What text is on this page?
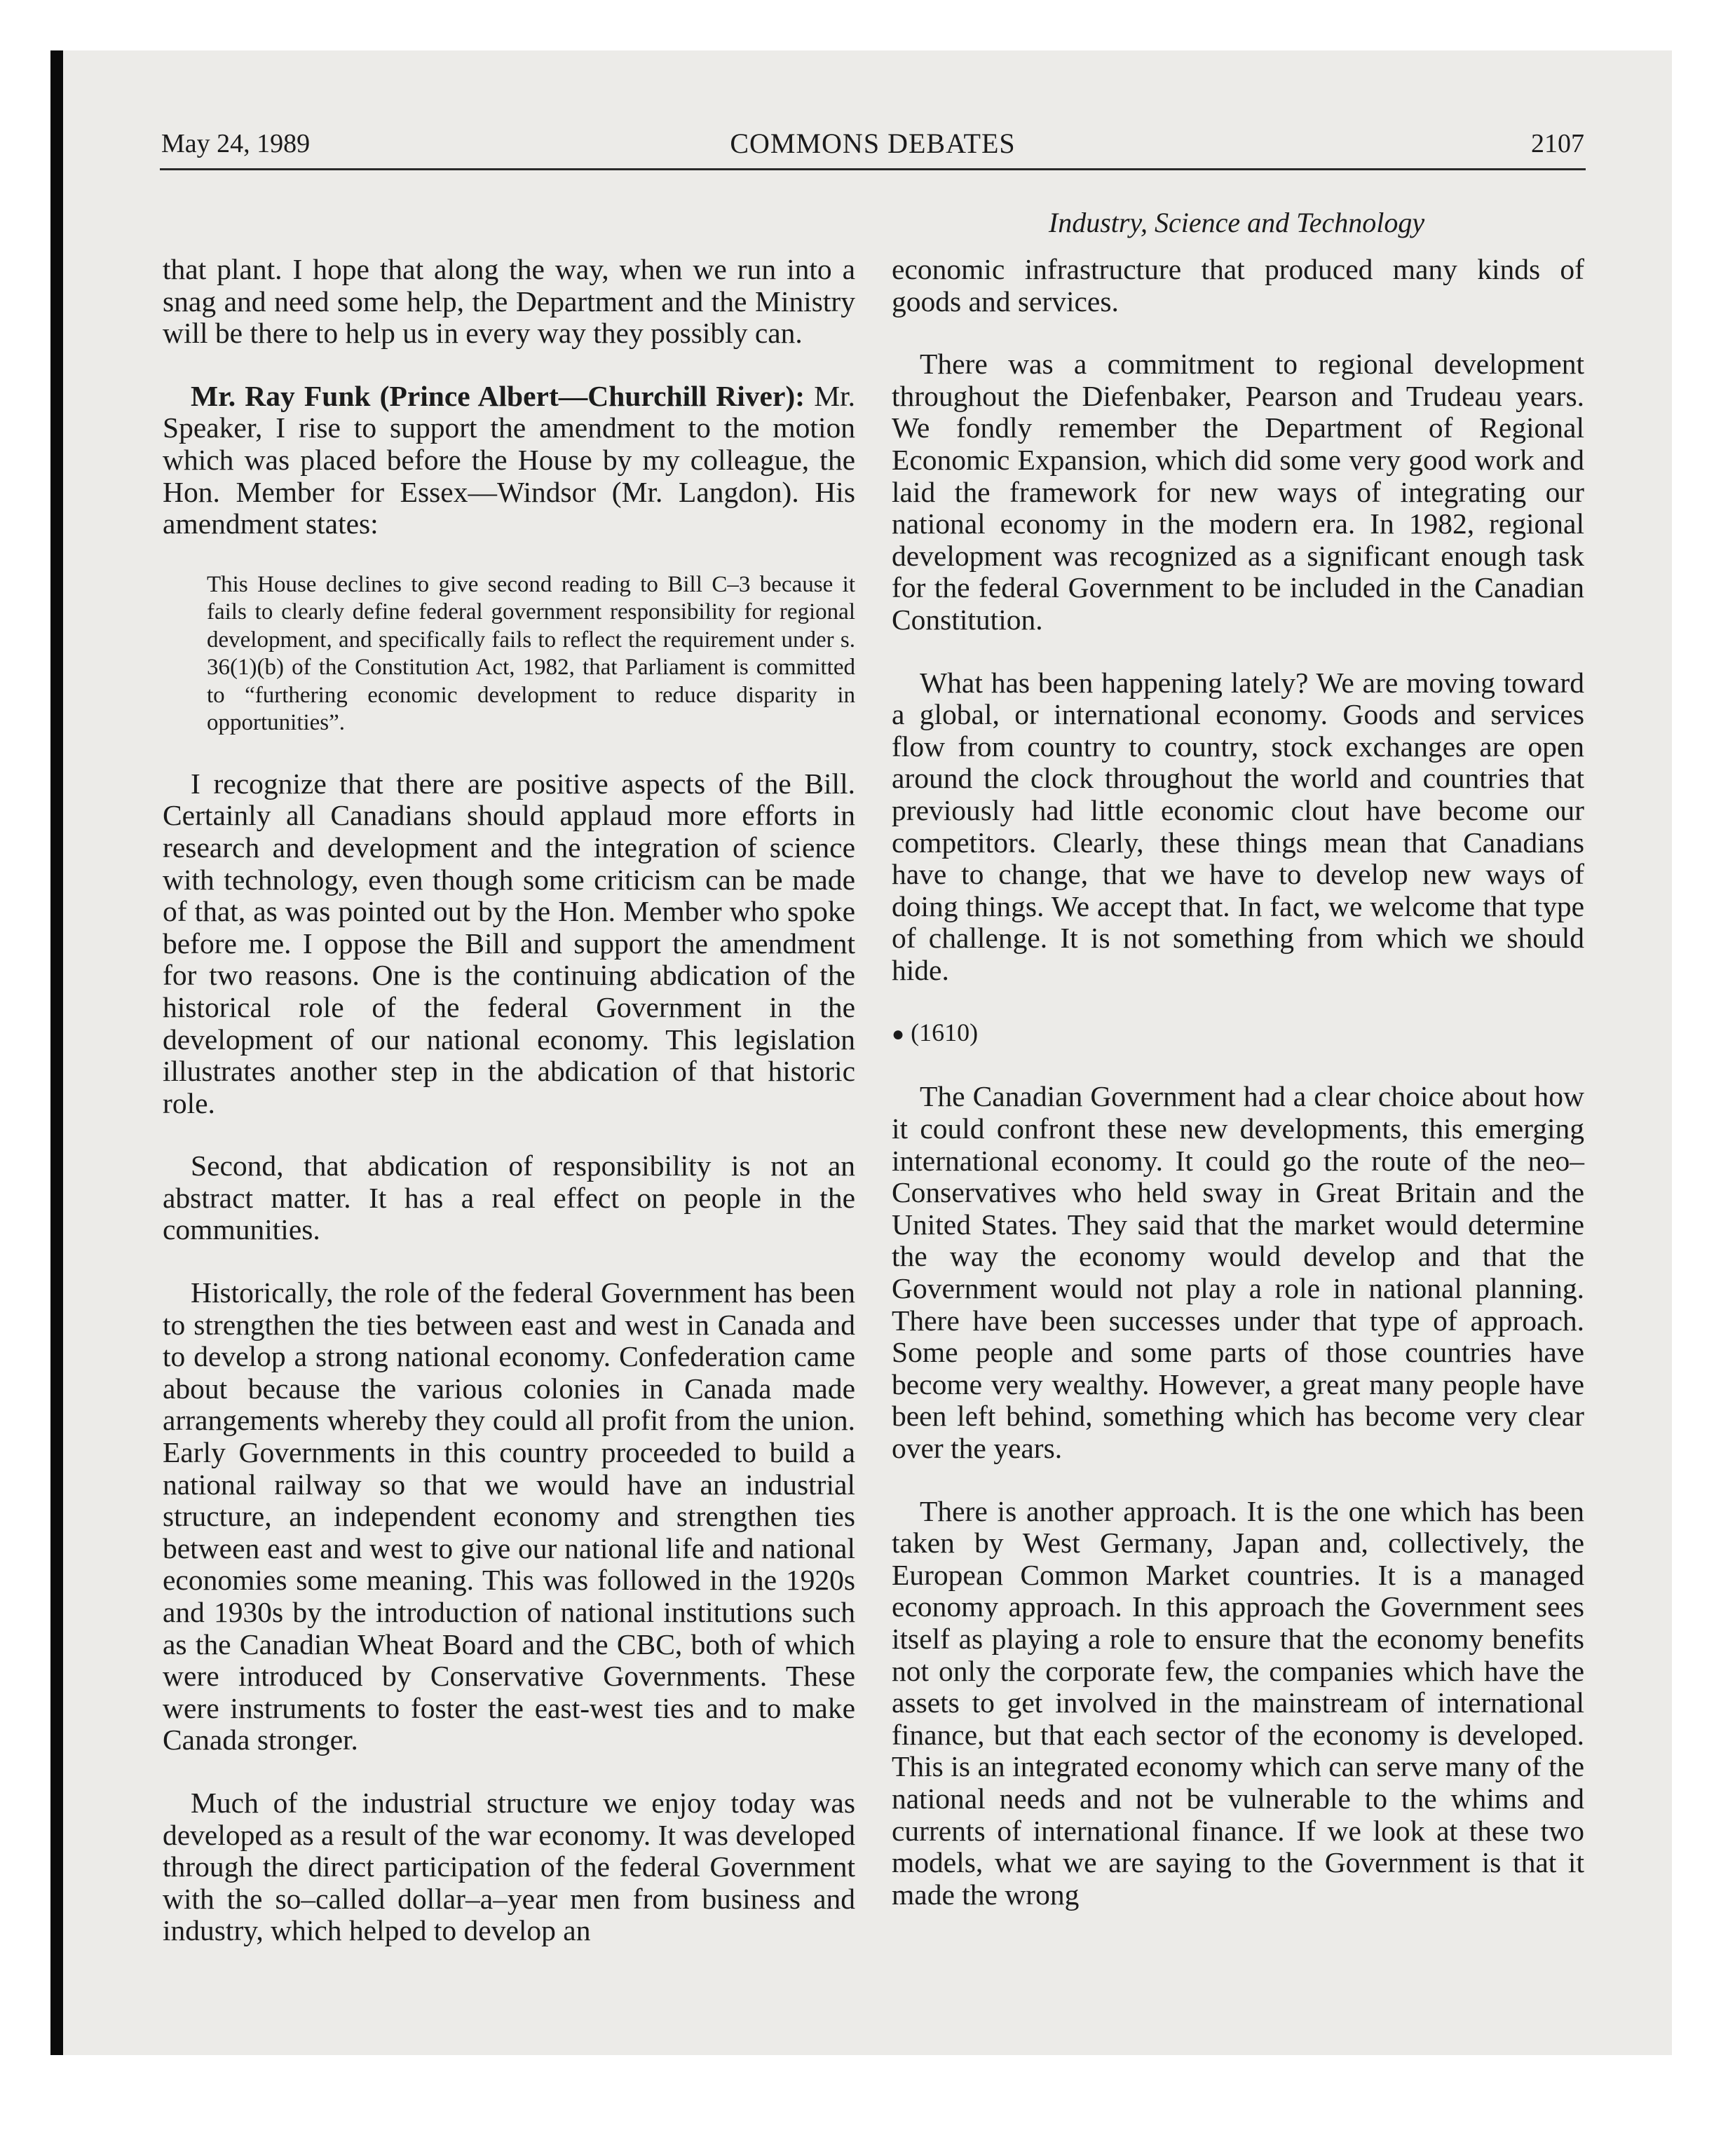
May 24, 1989	COMMONS DEBATES	2107
Industry, Science and Technology

that plant. I hope that along the way, when we run into a snag and need some help, the Department and the Ministry will be there to help us in every way they possibly can.

Mr. Ray Funk (Prince Albert—Churchill River): Mr. Speaker, I rise to support the amendment to the motion which was placed before the House by my colleague, the Hon. Member for Essex—Windsor (Mr. Langdon). His amendment states:

This House declines to give second reading to Bill C–3 because it fails to clearly define federal government responsibility for regional development, and specifically fails to reflect the requirement under s. 36(1)(b) of the Constitution Act, 1982, that Parliament is committed to “furthering economic development to reduce disparity in opportunities”.

I recognize that there are positive aspects of the Bill. Certainly all Canadians should applaud more efforts in research and development and the integration of science with technology, even though some criticism can be made of that, as was pointed out by the Hon. Member who spoke before me. I oppose the Bill and support the amendment for two reasons. One is the continuing abdication of the historical role of the federal Government in the development of our national economy. This legislation illustrates another step in the abdication of that historic role.

Second, that abdication of responsibility is not an abstract matter. It has a real effect on people in the communities.

Historically, the role of the federal Government has been to strengthen the ties between east and west in Canada and to develop a strong national economy. Confederation came about because the various colonies in Canada made arrangements whereby they could all profit from the union. Early Governments in this country proceeded to build a national railway so that we would have an industrial structure, an independent economy and strengthen ties between east and west to give our national life and national economies some meaning. This was followed in the 1920s and 1930s by the introduction of national institutions such as the Canadian Wheat Board and the CBC, both of which were introduced by Conservative Governments. These were instruments to foster the east-west ties and to make Canada stronger.

Much of the industrial structure we enjoy today was developed as a result of the war economy. It was developed through the direct participation of the federal Government with the so–called dollar–a–year men from business and industry, which helped to develop an

economic infrastructure that produced many kinds of goods and services.

There was a commitment to regional development throughout the Diefenbaker, Pearson and Trudeau years. We fondly remember the Department of Regional Economic Expansion, which did some very good work and laid the framework for new ways of integrating our national economy in the modern era. In 1982, regional development was recognized as a significant enough task for the federal Government to be included in the Canadian Constitution.

What has been happening lately? We are moving toward a global, or international economy. Goods and services flow from country to country, stock exchanges are open around the clock throughout the world and countries that previously had little economic clout have become our competitors. Clearly, these things mean that Canadians have to change, that we have to develop new ways of doing things. We accept that. In fact, we welcome that type of challenge. It is not something from which we should hide.

● (1610)

The Canadian Government had a clear choice about how it could confront these new developments, this emerging international economy. It could go the route of the neo–Conservatives who held sway in Great Britain and the United States. They said that the market would determine the way the economy would develop and that the Government would not play a role in national planning. There have been successes under that type of approach. Some people and some parts of those countries have become very wealthy. However, a great many people have been left behind, something which has become very clear over the years.

There is another approach. It is the one which has been taken by West Germany, Japan and, collectively, the European Common Market countries. It is a managed economy approach. In this approach the Government sees itself as playing a role to ensure that the economy benefits not only the corporate few, the companies which have the assets to get involved in the mainstream of international finance, but that each sector of the economy is developed. This is an integrated economy which can serve many of the national needs and not be vulnerable to the whims and currents of international finance. If we look at these two models, what we are saying to the Government is that it made the wrong
